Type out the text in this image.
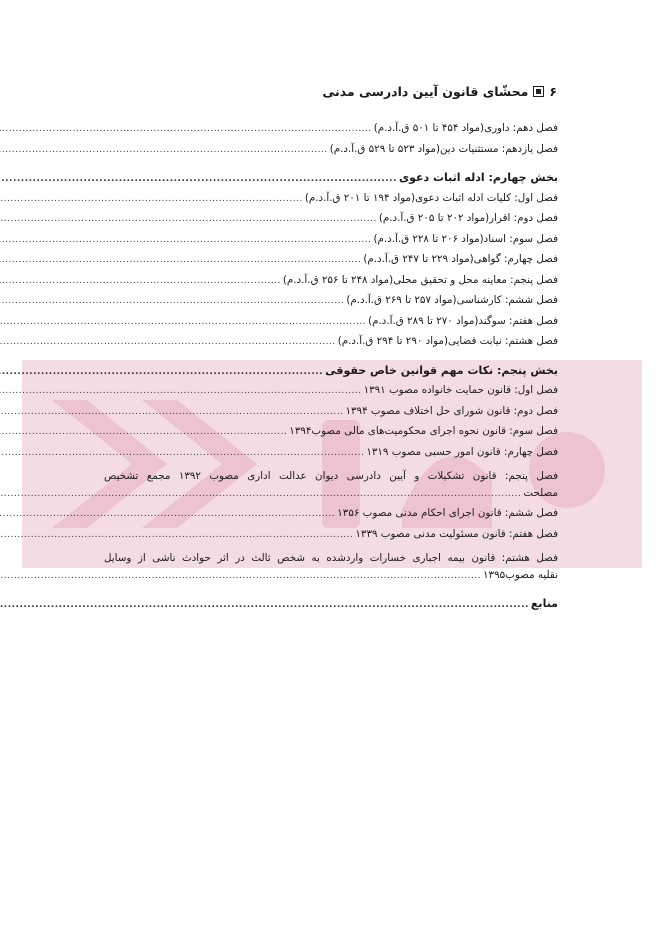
۶
محشّای قانون آیین دادرسی مدنی
فصل دهم: داوری(مواد ۴۵۴ تا ۵۰۱ ق.آ.د.م)
.....
فصل یازدهم: مستثنیات دین(مواد ۵۲۳ تا ۵۲۹ ق.آ.د.م)
.....
بخش چهارم: ادله اثبات دعوی
.....
فصل اول: کلیات ادله اثبات دعوی(مواد ۱۹۴ تا ۲۰۱ ق.آ.د.م)
.....
فصل دوم: اقرار(مواد ۲۰۲ تا ۲۰۵ ق.آ.د.م)
.....
فصل سوم: اسناد(مواد ۲۰۶ تا ۲۲۸ ق.آ.د.م)
.....
فصل چهارم: گواهی(مواد ۲۲۹ تا ۲۴۷ ق.آ.د.م)
.....
فصل پنجم: معاینه محل و تحقیق محلی(مواد ۲۴۸ تا ۲۵۶ ق.آ.د.م)
.....
فصل ششم: کارشناسی(مواد ۲۵۷ تا ۲۶۹ ق.آ.د.م)
.....
فصل هفتم: سوگند(مواد ۲۷۰ تا ۲۸۹ ق.آ.د.م)
.....
فصل هشتم: نیابت قضایی(مواد ۲۹۰ تا ۲۹۴ ق.آ.د.م)
.....
بخش پنجم: نکات مهم قوانین خاص حقوقی
.....
فصل اول: قانون حمایت خانواده مصوب ۱۳۹۱
.....
فصل دوم: قانون شورای حل اختلاف مصوب ۱۳۹۴
.....
فصل سوم: قانون نحوه اجرای محکومیت‌های مالی مصوب۱۳۹۴
.....
فصل چهارم: قانون امور حسبی مصوب ۱۳۱۹
.....
فصل پنجم: قانون تشکیلات و آیین دادرسی دیوان عدالت اداری مصوب ۱۳۹۲ مجمع تشخیص
مصلحت
.....
فصل ششم: قانون اجرای احکام مدنی مصوب ۱۳۵۶
.....
فصل هفتم: قانون مسئولیت مدنی مصوب ۱۳۳۹
.....
فصل هشتم: قانون بیمه اجباری خسارات واردشده به شخص ثالث در اثر حوادث ناشی از وسایل
نقلیه مصوب۱۳۹۵
.....
منابع
.....
